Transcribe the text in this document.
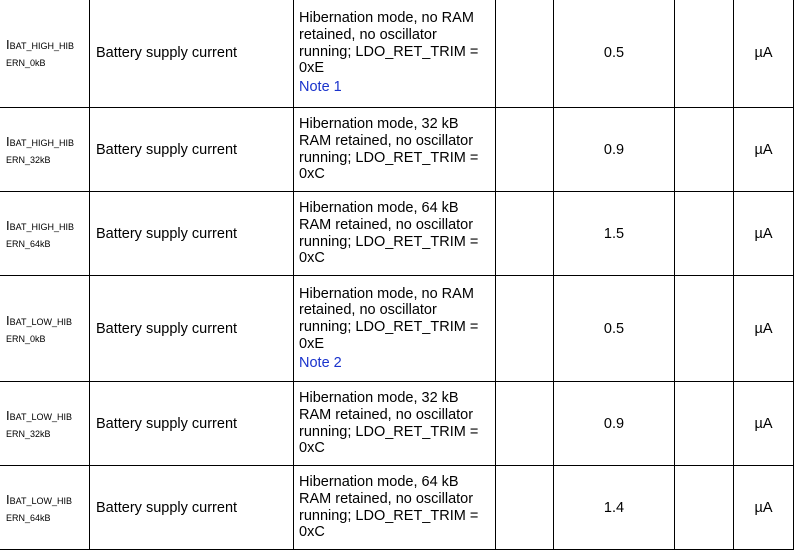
IBAT_HIGH_HIB
ERN_0kB	Battery supply current	Hibernation mode, no RAM
retained, no oscillator
running; LDO_RET_TRIM =
0xE
Note 1		0.5		µA

IBAT_HIGH_HIB
ERN_32kB	Battery supply current	Hibernation mode, 32 kB
RAM retained, no oscillator
running; LDO_RET_TRIM =
0xC		0.9		µA

IBAT_HIGH_HIB
ERN_64kB	Battery supply current	Hibernation mode, 64 kB
RAM retained, no oscillator
running; LDO_RET_TRIM =
0xC		1.5		µA

IBAT_LOW_HIB
ERN_0kB	Battery supply current	Hibernation mode, no RAM
retained, no oscillator
running; LDO_RET_TRIM =
0xE
Note 2		0.5		µA

IBAT_LOW_HIB
ERN_32kB	Battery supply current	Hibernation mode, 32 kB
RAM retained, no oscillator
running; LDO_RET_TRIM =
0xC		0.9		µA

IBAT_LOW_HIB
ERN_64kB	Battery supply current	Hibernation mode, 64 kB
RAM retained, no oscillator
running; LDO_RET_TRIM =
0xC		1.4		µA
